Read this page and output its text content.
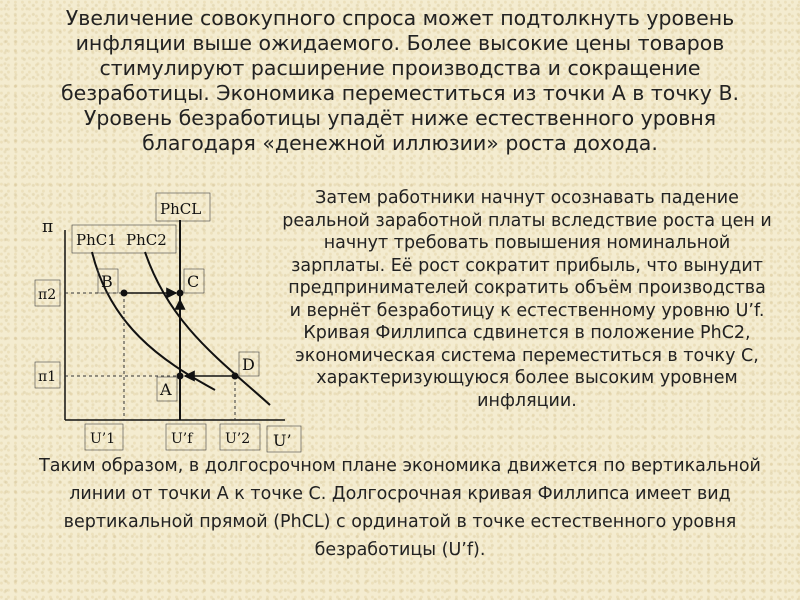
Увеличение совокупного спроса может подтолкнуть уровень инфляции выше ожидаемого. Более высокие цены товаров стимулируют расширение производства и сокращение безработицы. Экономика переместиться из точки А в точку В. Уровень безработицы упадёт ниже естественного уровня благодаря «денежной иллюзии» роста дохода.

π
U’
π2
π1
U’1	U’f U’2
PhCL
PhC1 PhC2
B	C
A
D

Затем работники начнут осознавать падение реальной заработной платы вследствие роста цен и начнут требовать повышения номинальной зарплаты. Её рост сократит прибыль, что вынудит предпринимателей сократить объём производства и вернёт безработицу к естественному уровню U’f. Кривая Филлипса сдвинется в положение PhC2, экономическая система переместиться в точку С, характеризующуюся более высоким уровнем инфляции.

Таким образом, в долгосрочном плане экономика движется по вертикальной линии от точки А к точке С. Долгосрочная кривая Филлипса имеет вид вертикальной прямой (PhCL) с ординатой в точке естественного уровня безработицы (U’f).
